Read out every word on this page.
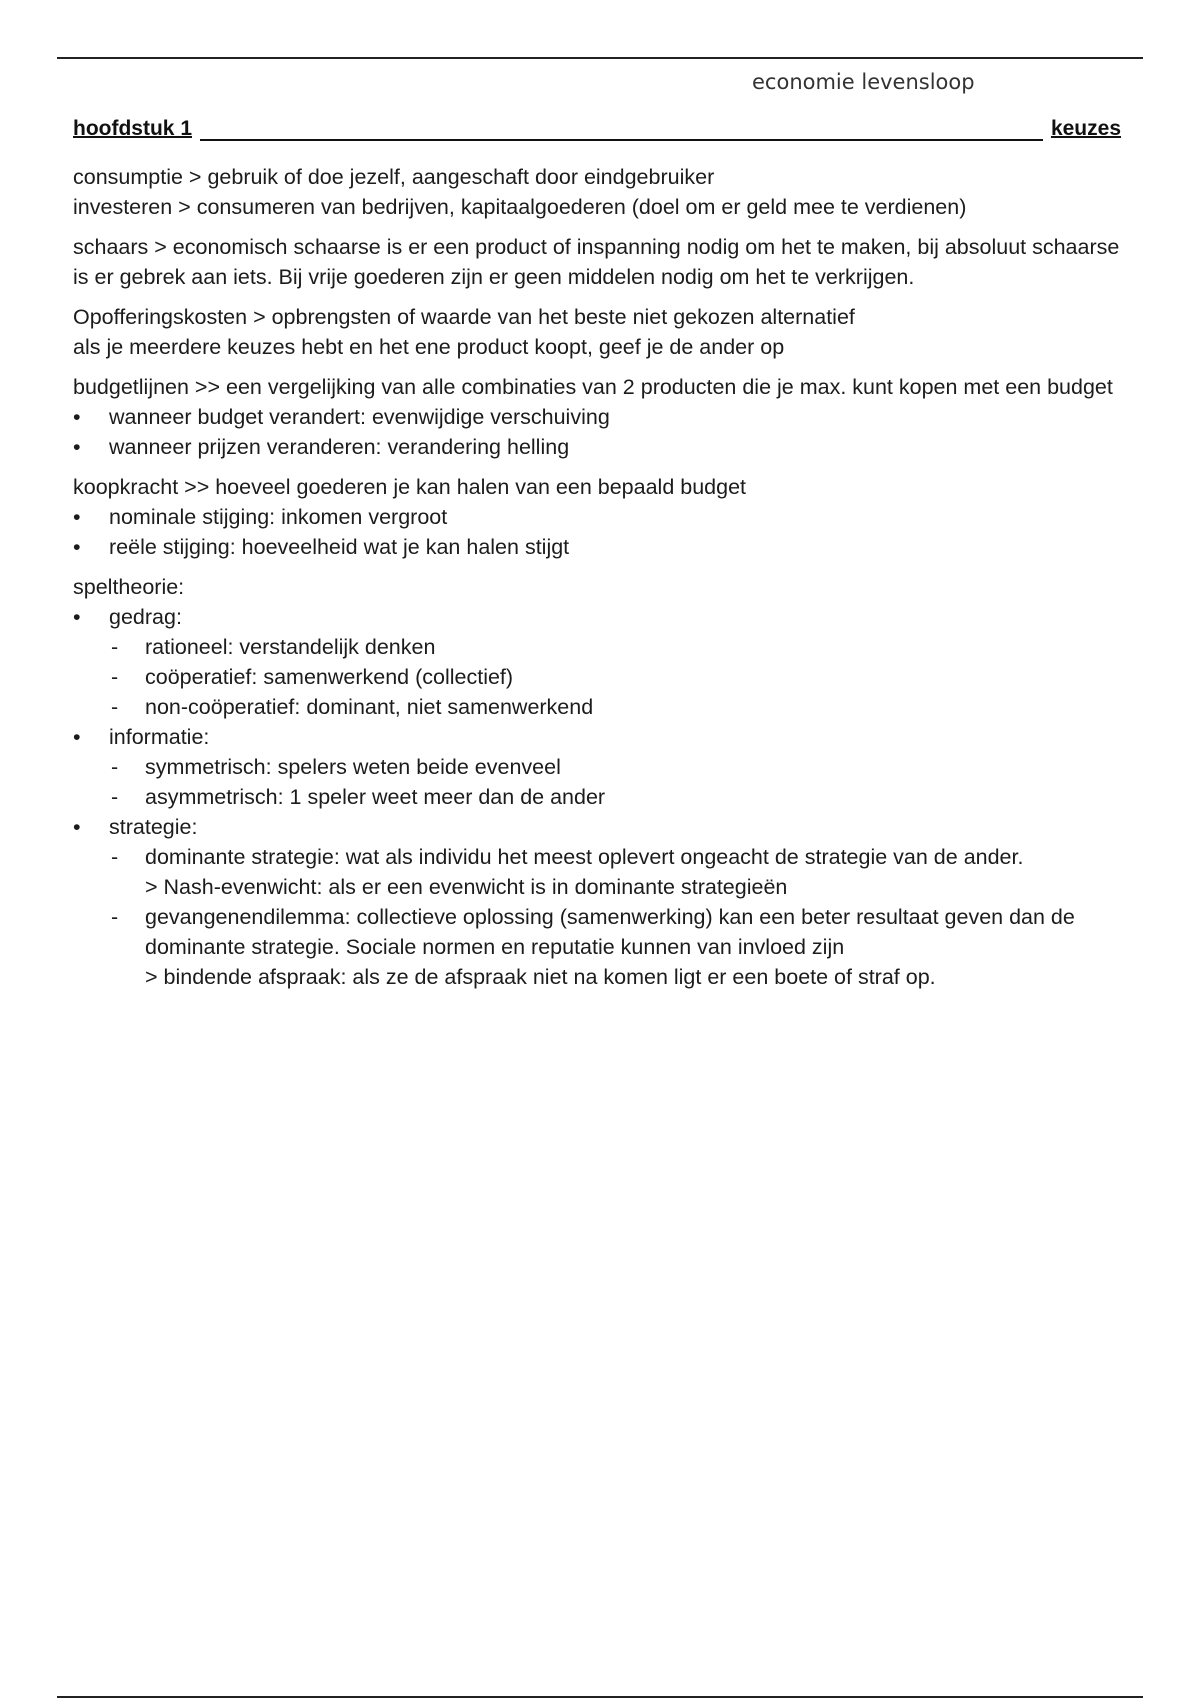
economie levensloop
hoofdstuk 1	keuzes

consumptie > gebruik of doe jezelf, aangeschaft door eindgebruiker

investeren > consumeren van bedrijven, kapitaalgoederen (doel om er geld mee te verdienen)

schaars > economisch schaarse is er een product of inspanning nodig om het te maken, bij absoluut schaarse is er gebrek aan iets. Bij vrije goederen zijn er geen middelen nodig om het te verkrijgen.

Opofferingskosten > opbrengsten of waarde van het beste niet gekozen alternatief

als je meerdere keuzes hebt en het ene product koopt, geef je de ander op

budgetlijnen >> een vergelijking van alle combinaties van 2 producten die je max. kunt kopen met een budget

• wanneer budget verandert: evenwijdige verschuiving
• wanneer prijzen veranderen: verandering helling

koopkracht >> hoeveel goederen je kan halen van een bepaald budget

• nominale stijging: inkomen vergroot
• reële stijging: hoeveelheid wat je kan halen stijgt

speltheorie:

• gedrag:
- rationeel: verstandelijk denken
- coöperatief: samenwerkend (collectief)
- non-coöperatief: dominant, niet samenwerkend
• informatie:
- symmetrisch: spelers weten beide evenveel
- asymmetrisch: 1 speler weet meer dan de ander
• strategie:
- dominante strategie: wat als individu het meest oplevert ongeacht de strategie van de ander.
> Nash-evenwicht: als er een evenwicht is in dominante strategieën
- gevangenendilemma: collectieve oplossing (samenwerking) kan een beter resultaat geven dan de dominante strategie. Sociale normen en reputatie kunnen van invloed zijn
> bindende afspraak: als ze de afspraak niet na komen ligt er een boete of straf op.
